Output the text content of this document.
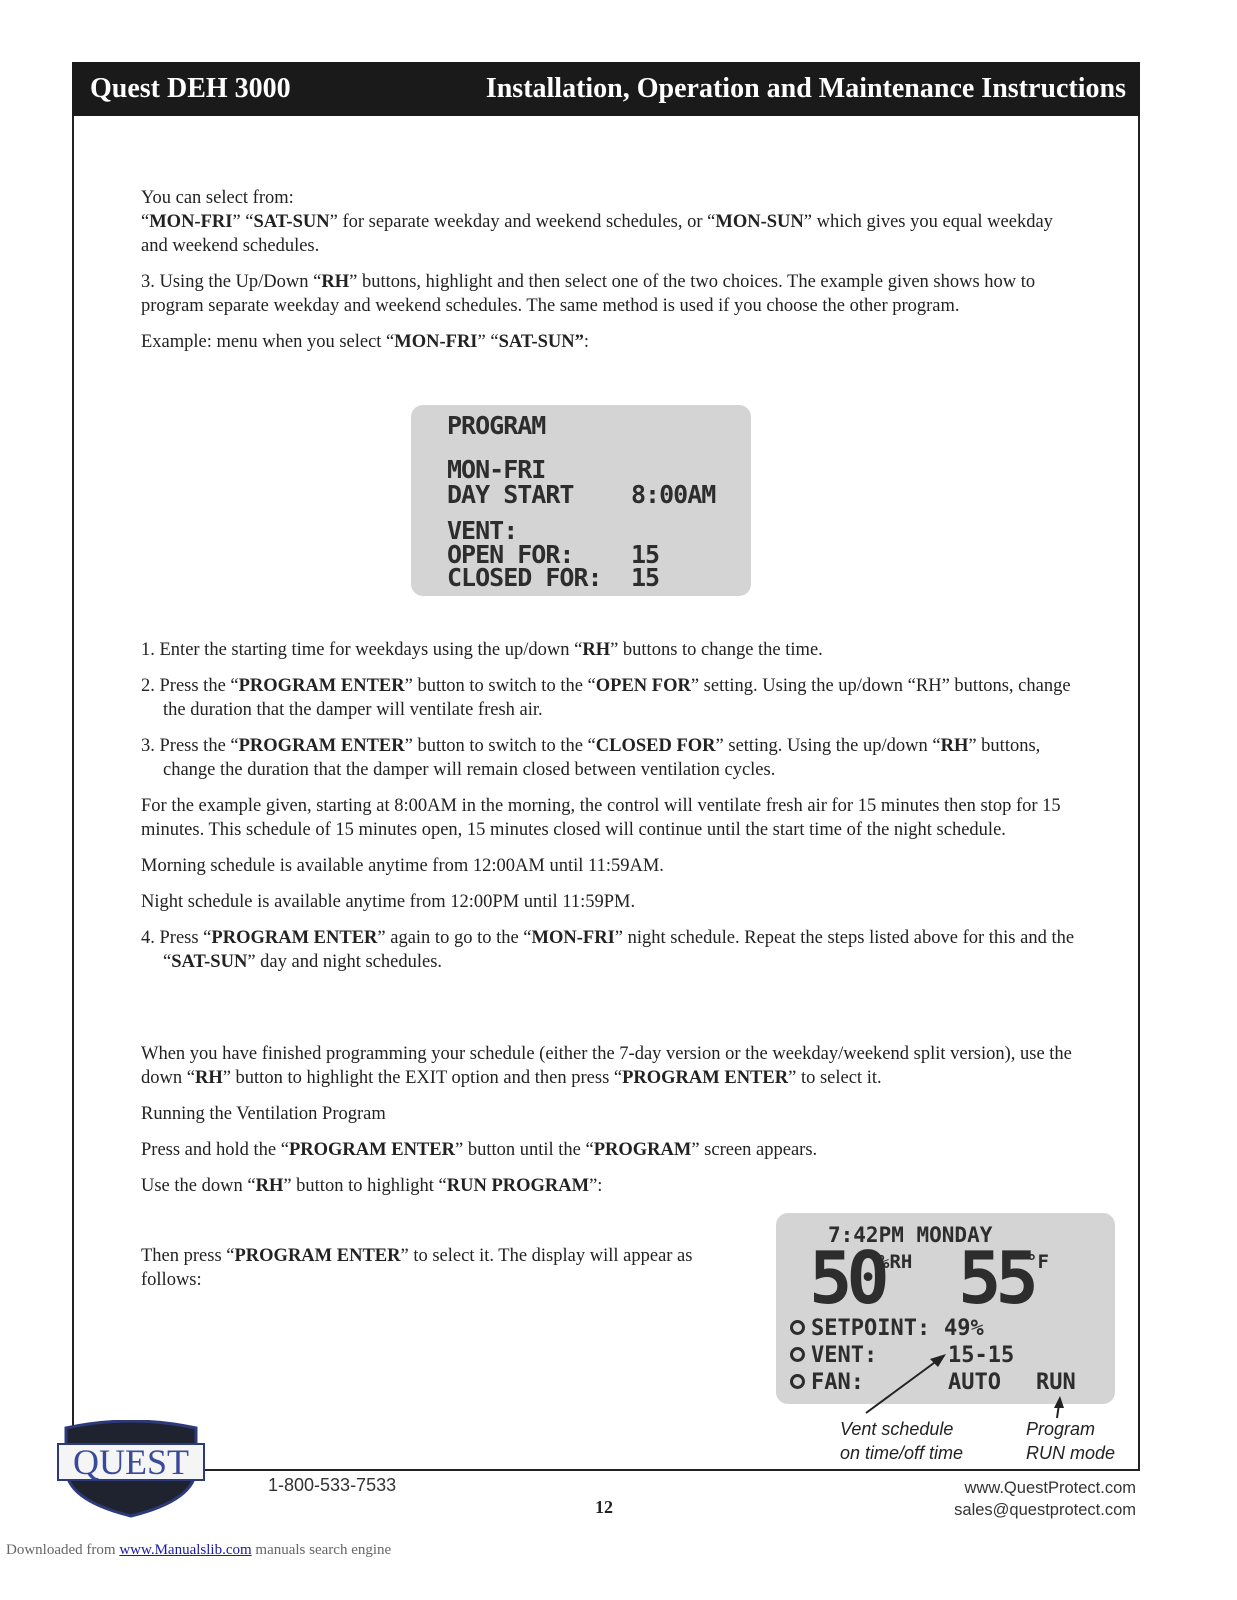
Quest DEH 3000	Installation, Operation and Maintenance Instructions

You can select from:

“MON-FRI” “SAT-SUN” for separate weekday and weekend schedules, or “MON-SUN” which gives you equal weekday and weekend schedules.

3. Using the Up/Down “RH” buttons, highlight and then select one of the two choices. The example given shows how to program separate weekday and weekend schedules. The same method is used if you choose the other program.

Example: menu when you select “MON-FRI” “SAT-SUN”:

PROGRAM
MON-FRI
DAY START 8:00AM
VENT:
OPEN FOR: 15
CLOSED FOR: 15

1. Enter the starting time for weekdays using the up/down “RH” buttons to change the time.

2. Press the “PROGRAM ENTER” button to switch to the “OPEN FOR” setting. Using the up/down “RH” buttons, change the duration that the damper will ventilate fresh air.

3. Press the “PROGRAM ENTER” button to switch to the “CLOSED FOR” setting. Using the up/down “RH” buttons, change the duration that the damper will remain closed between ventilation cycles.

For the example given, starting at 8:00AM in the morning, the control will ventilate fresh air for 15 minutes then stop for 15 minutes. This schedule of 15 minutes open, 15 minutes closed will continue until the start time of the night schedule.

Morning schedule is available anytime from 12:00AM until 11:59AM.

Night schedule is available anytime from 12:00PM until 11:59PM.

4. Press “PROGRAM ENTER” again to go to the “MON-FRI” night schedule. Repeat the steps listed above for this and the “SAT-SUN” day and night schedules.

When you have finished programming your schedule (either the 7-day version or the weekday/weekend split version), use the down “RH” button to highlight the EXIT option and then press “PROGRAM ENTER” to select it.

Running the Ventilation Program

Press and hold the “PROGRAM ENTER” button until the “PROGRAM” screen appears.

Use the down “RH” button to highlight “RUN PROGRAM”:

Then press “PROGRAM ENTER” to select it. The display will appear as follows:

7:42PM MONDAY
50
%RH 55
°F
SETPOINT: 49%
VENT:	15-15
FAN:	AUTO RUN
Vent schedule
on time/off time
Program
RUN mode
QUEST
1-800-533-7533
12
www.QuestProtect.com
sales@questprotect.com
Downloaded from www.Manualslib.com manuals search engine
